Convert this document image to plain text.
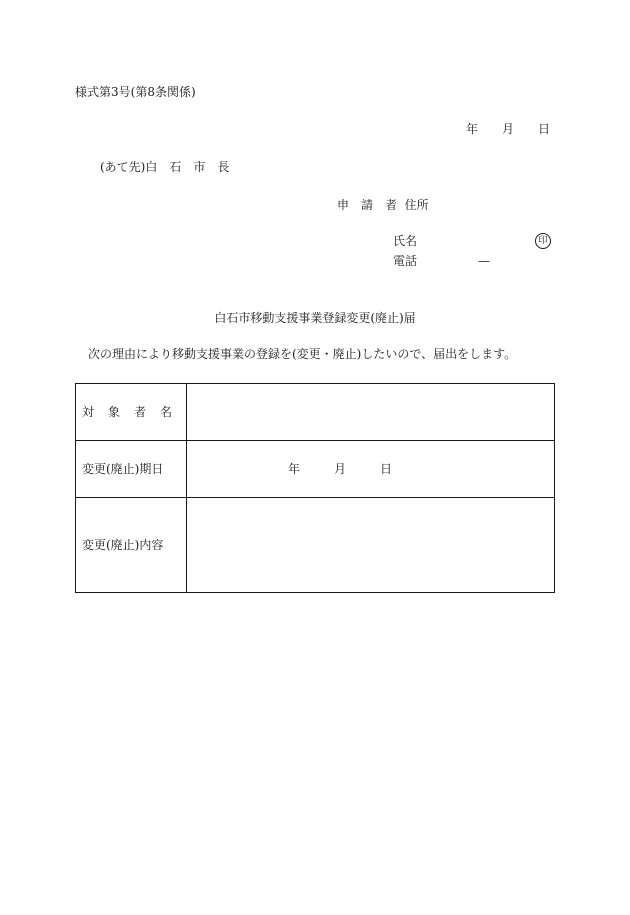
様式第3号(第8条関係)
年 月 日
(あて先)白　石　市　長
申　請　者 住所
氏名	印
電話	—
白石市移動支援事業登録変更(廃止)届
次の理由により移動支援事業の登録を(変更・廃止)したいので、届出をします。
対象者名	
変更(廃止)期日	年 月 日

変更(廃止)内容	
